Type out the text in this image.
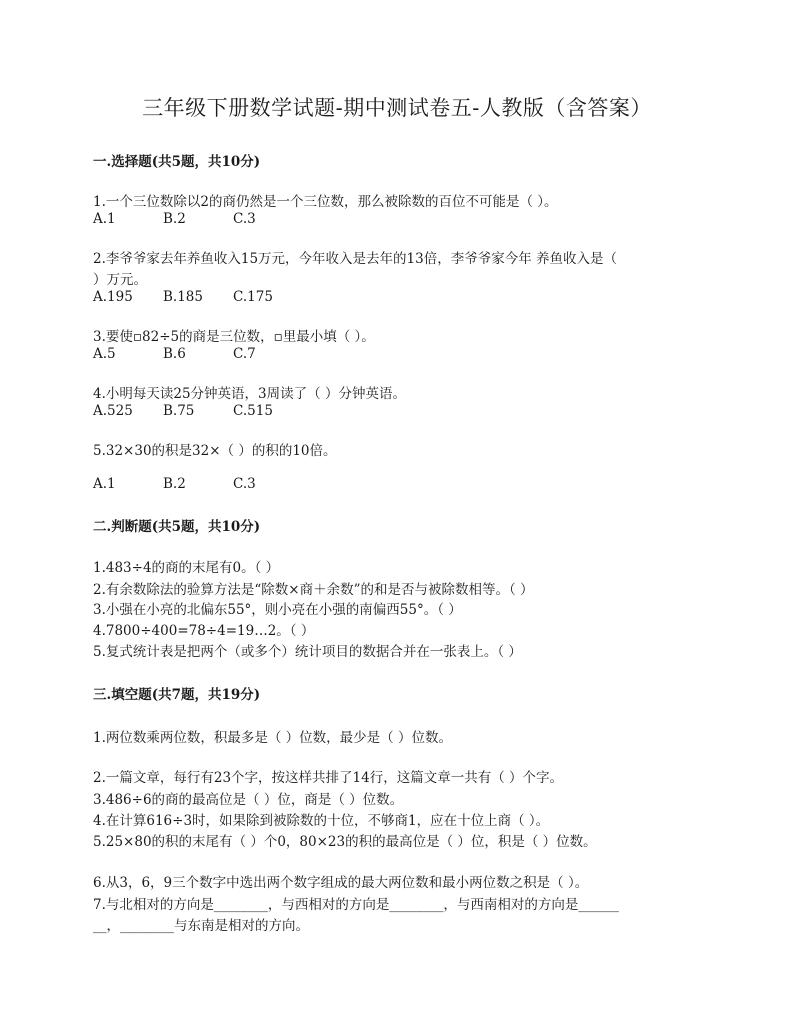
三年级下册数学试题-期中测试卷五-人教版（含答案）
一.选择题(共5题，共10分)
1.一个三位数除以2的商仍然是一个三位数，那么被除数的百位不可能是（ ）。
A.1	B.2	C.3
2.李爷爷家去年养鱼收入15万元，今年收入是去年的13倍，李爷爷家今年 养鱼收入是（
）万元。
A.195 B.185 C.175
3.要使▫82÷5的商是三位数，▫里最小填（ ）。
A.5	B.6	C.7
4.小明每天读25分钟英语，3周读了（ ）分钟英语。
A.525 B.75	C.515
5.32×30的积是32×（ ）的积的10倍。
A.1	B.2	C.3
二.判断题(共5题，共10分)
1.483÷4的商的末尾有0。（ ）
2.有余数除法的验算方法是“除数×商＋余数”的和是否与被除数相等。（ ）
3.小强在小亮的北偏东55°，则小亮在小强的南偏西55°。（ ）
4.7800÷400=78÷4=19…2。（ ）
5.复式统计表是把两个（或多个）统计项目的数据合并在一张表上。（ ）
三.填空题(共7题，共19分)
1.两位数乘两位数，积最多是（ ）位数，最少是（ ）位数。
2.一篇文章，每行有23个字，按这样共排了14行，这篇文章一共有（ ）个字。
3.486÷6的商的最高位是（ ）位，商是（ ）位数。
4.在计算616÷3时，如果除到被除数的十位，不够商1，应在十位上商（ ）。
5.25×80的积的末尾有（ ）个0，80×23的积的最高位是（ ）位，积是（ ）位数。
6.从3，6，9三个数字中选出两个数字组成的最大两位数和最小两位数之积是（ ）。
7.与北相对的方向是________，与西相对的方向是________，与西南相对的方向是______
__，________与东南是相对的方向。
